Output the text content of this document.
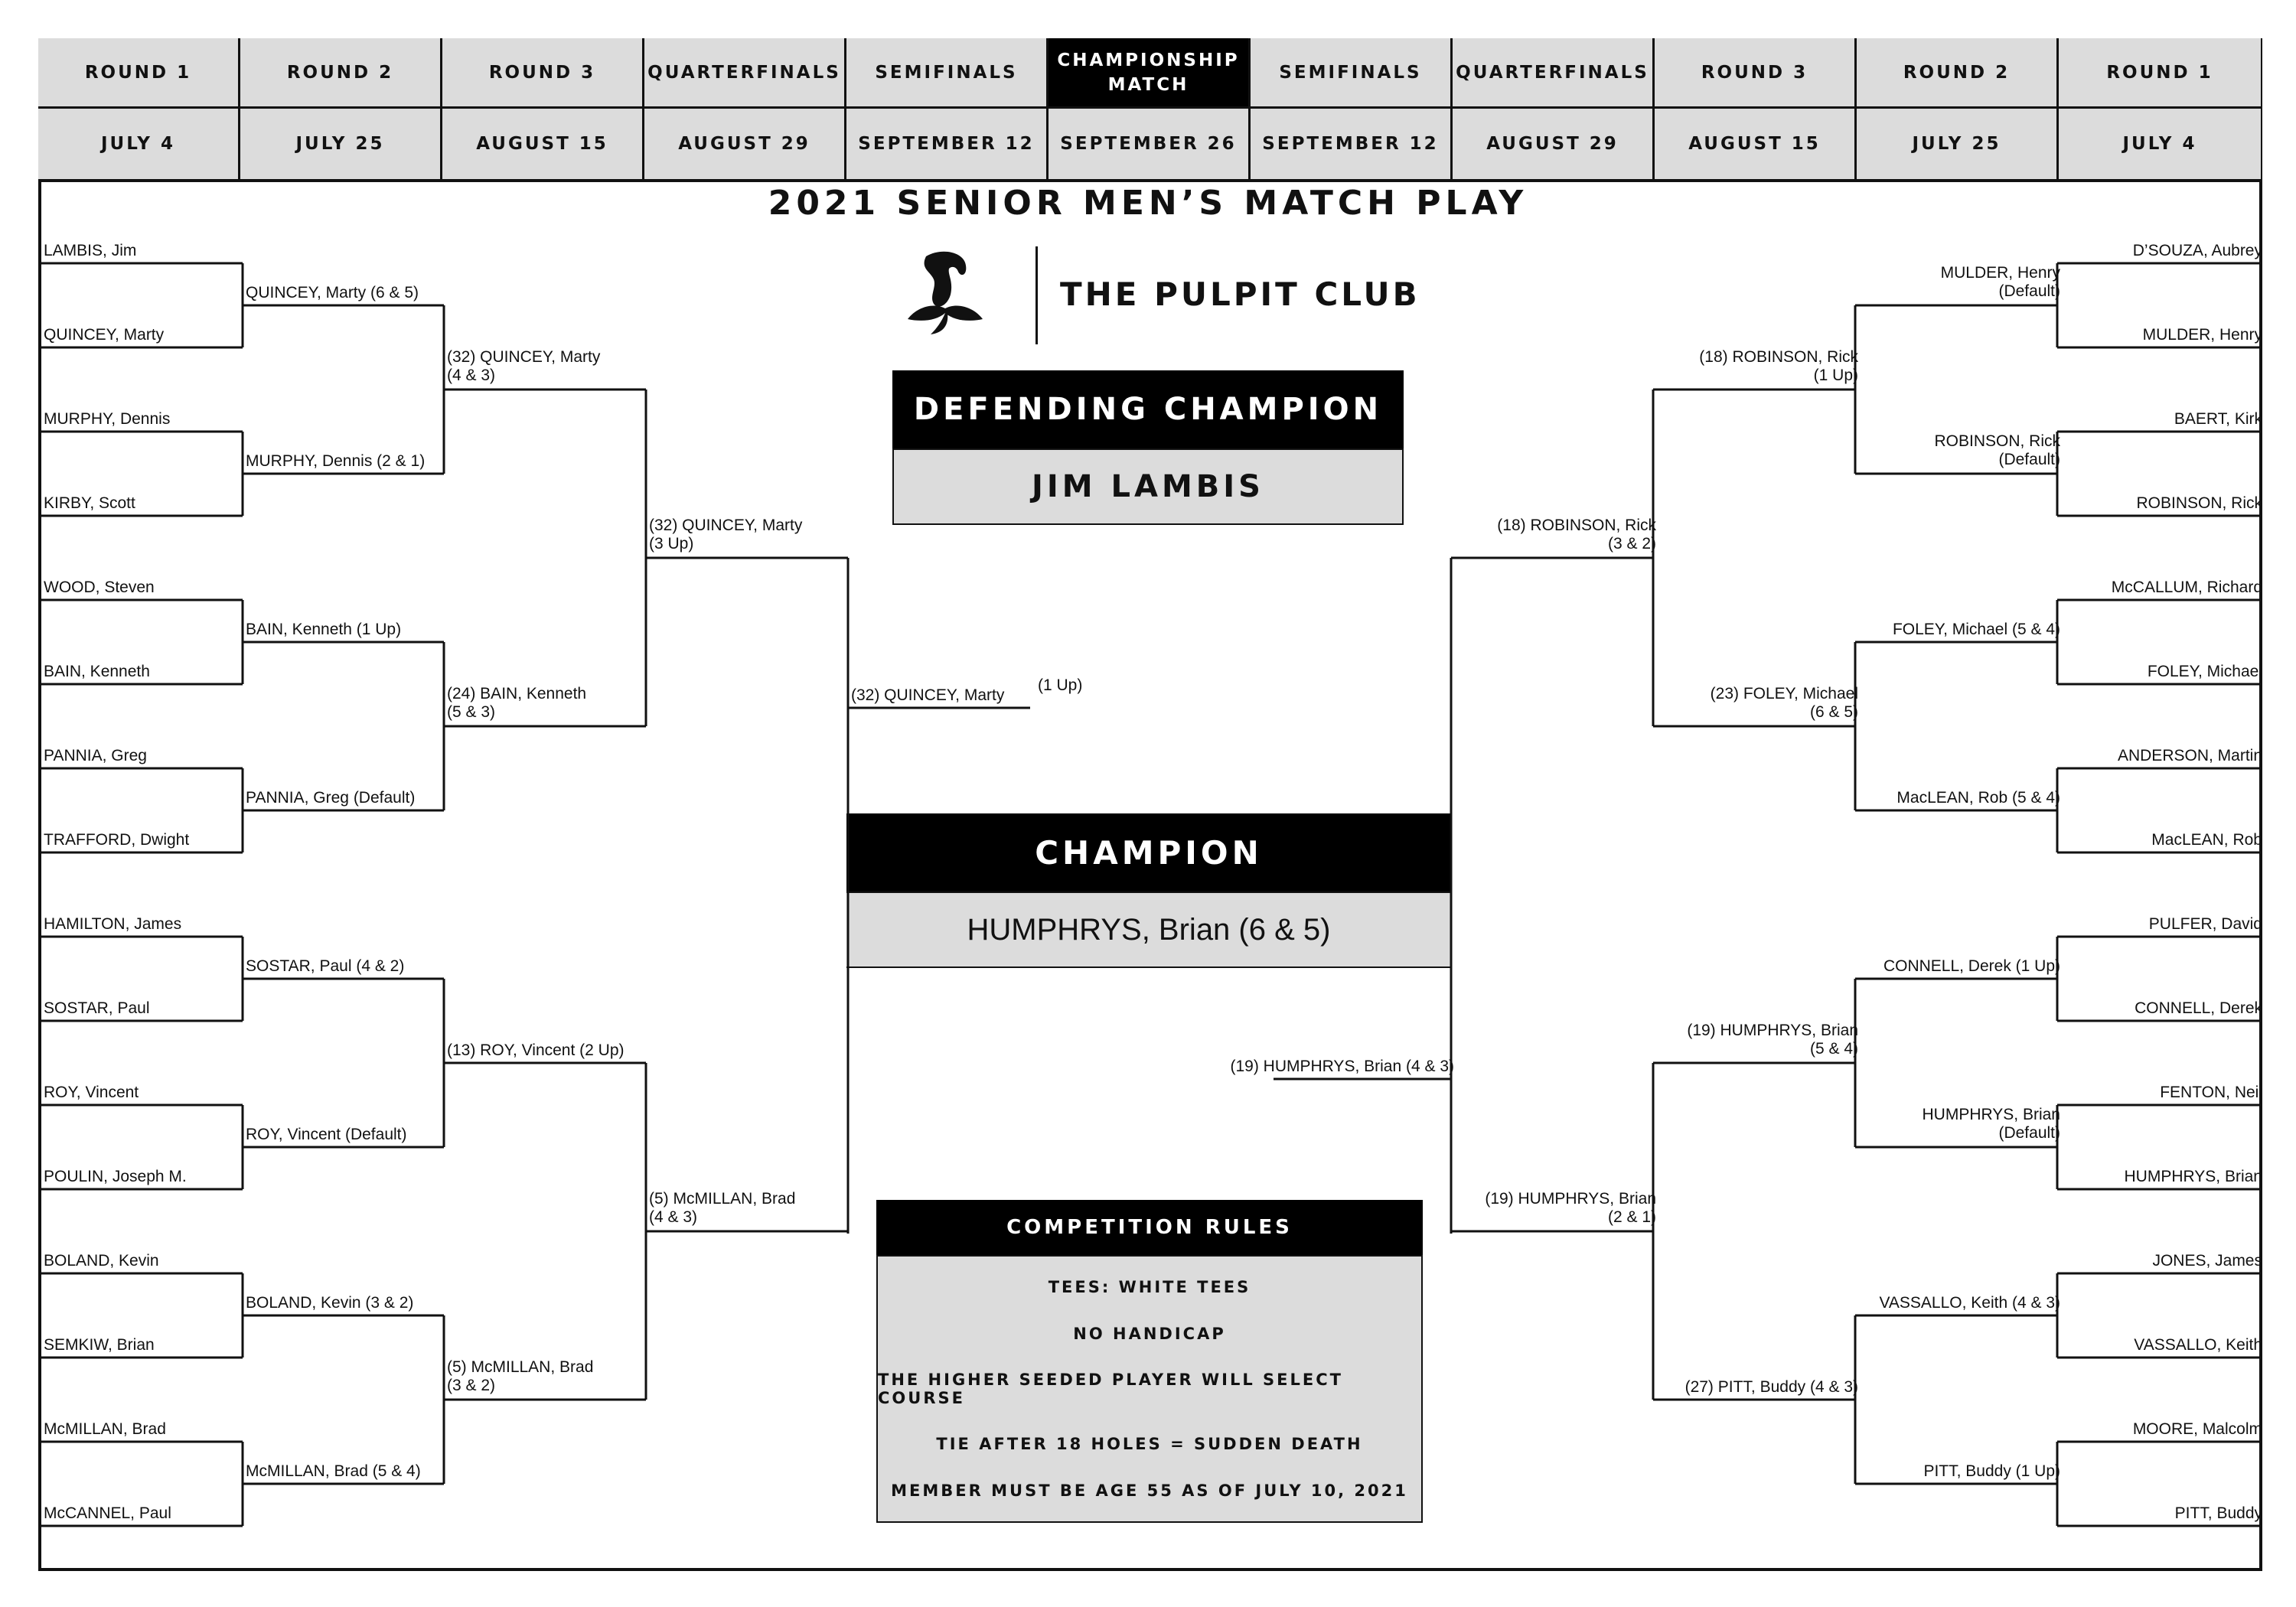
ROUND 1	ROUND 2	ROUND 3	QUARTERFINALS	SEMIFINALS
CHAMPIONSHIP MATCH
SEMIFINALS	QUARTERFINALS	ROUND 3	ROUND 2	ROUND 1
JULY 4	JULY 25	AUGUST 15	AUGUST 29	SEPTEMBER 12	SEPTEMBER 26	SEPTEMBER 12	AUGUST 29	AUGUST 15	JULY 25	JULY 4
2021 SENIOR MEN’S MATCH PLAY
THE PULPIT CLUB
DEFENDING CHAMPION
JIM LAMBIS
CHAMPION
HUMPHRYS, Brian (6 & 5)
COMPETITION RULES
TEES: WHITE TEES
NO HANDICAP
THE HIGHER SEEDED PLAYER WILL SELECT COURSE
TIE AFTER 18 HOLES = SUDDEN DEATH
MEMBER MUST BE AGE 55 AS OF JULY 10, 2021
LAMBIS, Jim
QUINCEY, Marty
MURPHY, Dennis
KIRBY, Scott
WOOD, Steven
BAIN, Kenneth
PANNIA, Greg
TRAFFORD, Dwight
HAMILTON, James
SOSTAR, Paul
ROY, Vincent
POULIN, Joseph M.
BOLAND, Kevin
SEMKIW, Brian
McMILLAN, Brad
McCANNEL, Paul
QUINCEY, Marty (6 & 5)
MURPHY, Dennis (2 & 1)
BAIN, Kenneth (1 Up)
PANNIA, Greg (Default)
SOSTAR, Paul (4 & 2)
ROY, Vincent (Default)
BOLAND, Kevin (3 & 2)
McMILLAN, Brad (5 & 4)
(32) QUINCEY, Marty
(4 & 3)
(24) BAIN, Kenneth
(5 & 3)
(13) ROY, Vincent (2 Up)
(5) McMILLAN, Brad
(3 & 2)
(32) QUINCEY, Marty
(3 Up)
(5) McMILLAN, Brad
(4 & 3)
D’SOUZA, Aubrey
MULDER, Henry
BAERT, Kirk
ROBINSON, Rick
McCALLUM, Richard
FOLEY, Michael
ANDERSON, Martin
MacLEAN, Rob
PULFER, David
CONNELL, Derek
FENTON, Neil
HUMPHRYS, Brian
JONES, James
VASSALLO, Keith
MOORE, Malcolm
PITT, Buddy
MULDER, Henry
(Default)
ROBINSON, Rick
(Default)
FOLEY, Michael (5 & 4)
MacLEAN, Rob (5 & 4)
CONNELL, Derek (1 Up)
HUMPHRYS, Brian
(Default)
VASSALLO, Keith (4 & 3)
PITT, Buddy (1 Up)
(18) ROBINSON, Rick
(1 Up)
(23) FOLEY, Michael
(6 & 5)
(19) HUMPHRYS, Brian
(5 & 4)
(27) PITT, Buddy (4 & 3)
(18) ROBINSON, Rick
(3 & 2)
(19) HUMPHRYS, Brian
(2 & 1)
(32) QUINCEY, Marty
(1 Up)
(19) HUMPHRYS, Brian (4 & 3)
